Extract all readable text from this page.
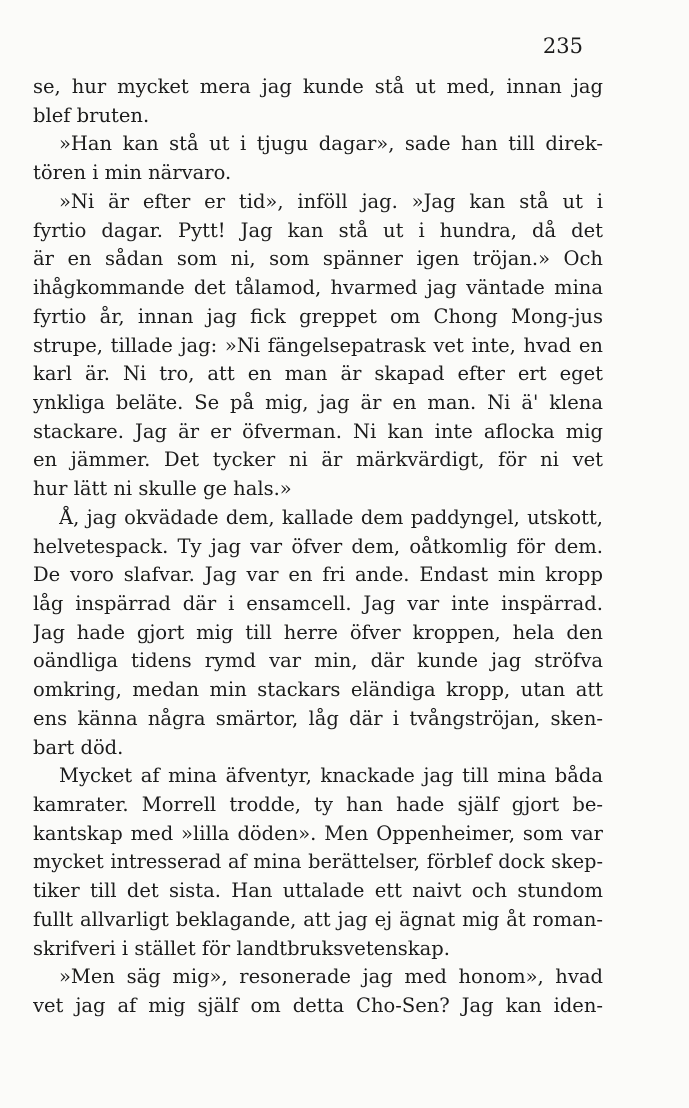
235
se, hur mycket mera jag kunde stå ut med, innan jag
blef bruten.
»Han kan stå ut i tjugu dagar», sade han till direk-
tören i min närvaro.
»Ni är efter er tid», inföll jag. »Jag kan stå ut i
fyrtio dagar. Pytt! Jag kan stå ut i hundra, då det
är en sådan som ni, som spänner igen tröjan.» Och
ihågkommande det tålamod, hvarmed jag väntade mina
fyrtio år, innan jag fick greppet om Chong Mong-jus
strupe, tillade jag: »Ni fängelsepatrask vet inte, hvad en
karl är. Ni tro, att en man är skapad efter ert eget
ynkliga beläte. Se på mig, jag är en man. Ni ä' klena
stackare. Jag är er öfverman. Ni kan inte aflocka mig
en jämmer. Det tycker ni är märkvärdigt, för ni vet
hur lätt ni skulle ge hals.»
Å, jag okvädade dem, kallade dem paddyngel, utskott,
helvetespack. Ty jag var öfver dem, oåtkomlig för dem.
De voro slafvar. Jag var en fri ande. Endast min kropp
låg inspärrad där i ensamcell. Jag var inte inspärrad.
Jag hade gjort mig till herre öfver kroppen, hela den
oändliga tidens rymd var min, där kunde jag ströfva
omkring, medan min stackars eländiga kropp, utan att
ens känna några smärtor, låg där i tvångströjan, sken-
bart död.
Mycket af mina äfventyr, knackade jag till mina båda
kamrater. Morrell trodde, ty han hade själf gjort be-
kantskap med »lilla döden». Men Oppenheimer, som var
mycket intresserad af mina berättelser, förblef dock skep-
tiker till det sista. Han uttalade ett naivt och stundom
fullt allvarligt beklagande, att jag ej ägnat mig åt roman-
skrifveri i stället för landtbruksvetenskap.
»Men säg mig», resonerade jag med honom», hvad
vet jag af mig själf om detta Cho-Sen? Jag kan iden-
